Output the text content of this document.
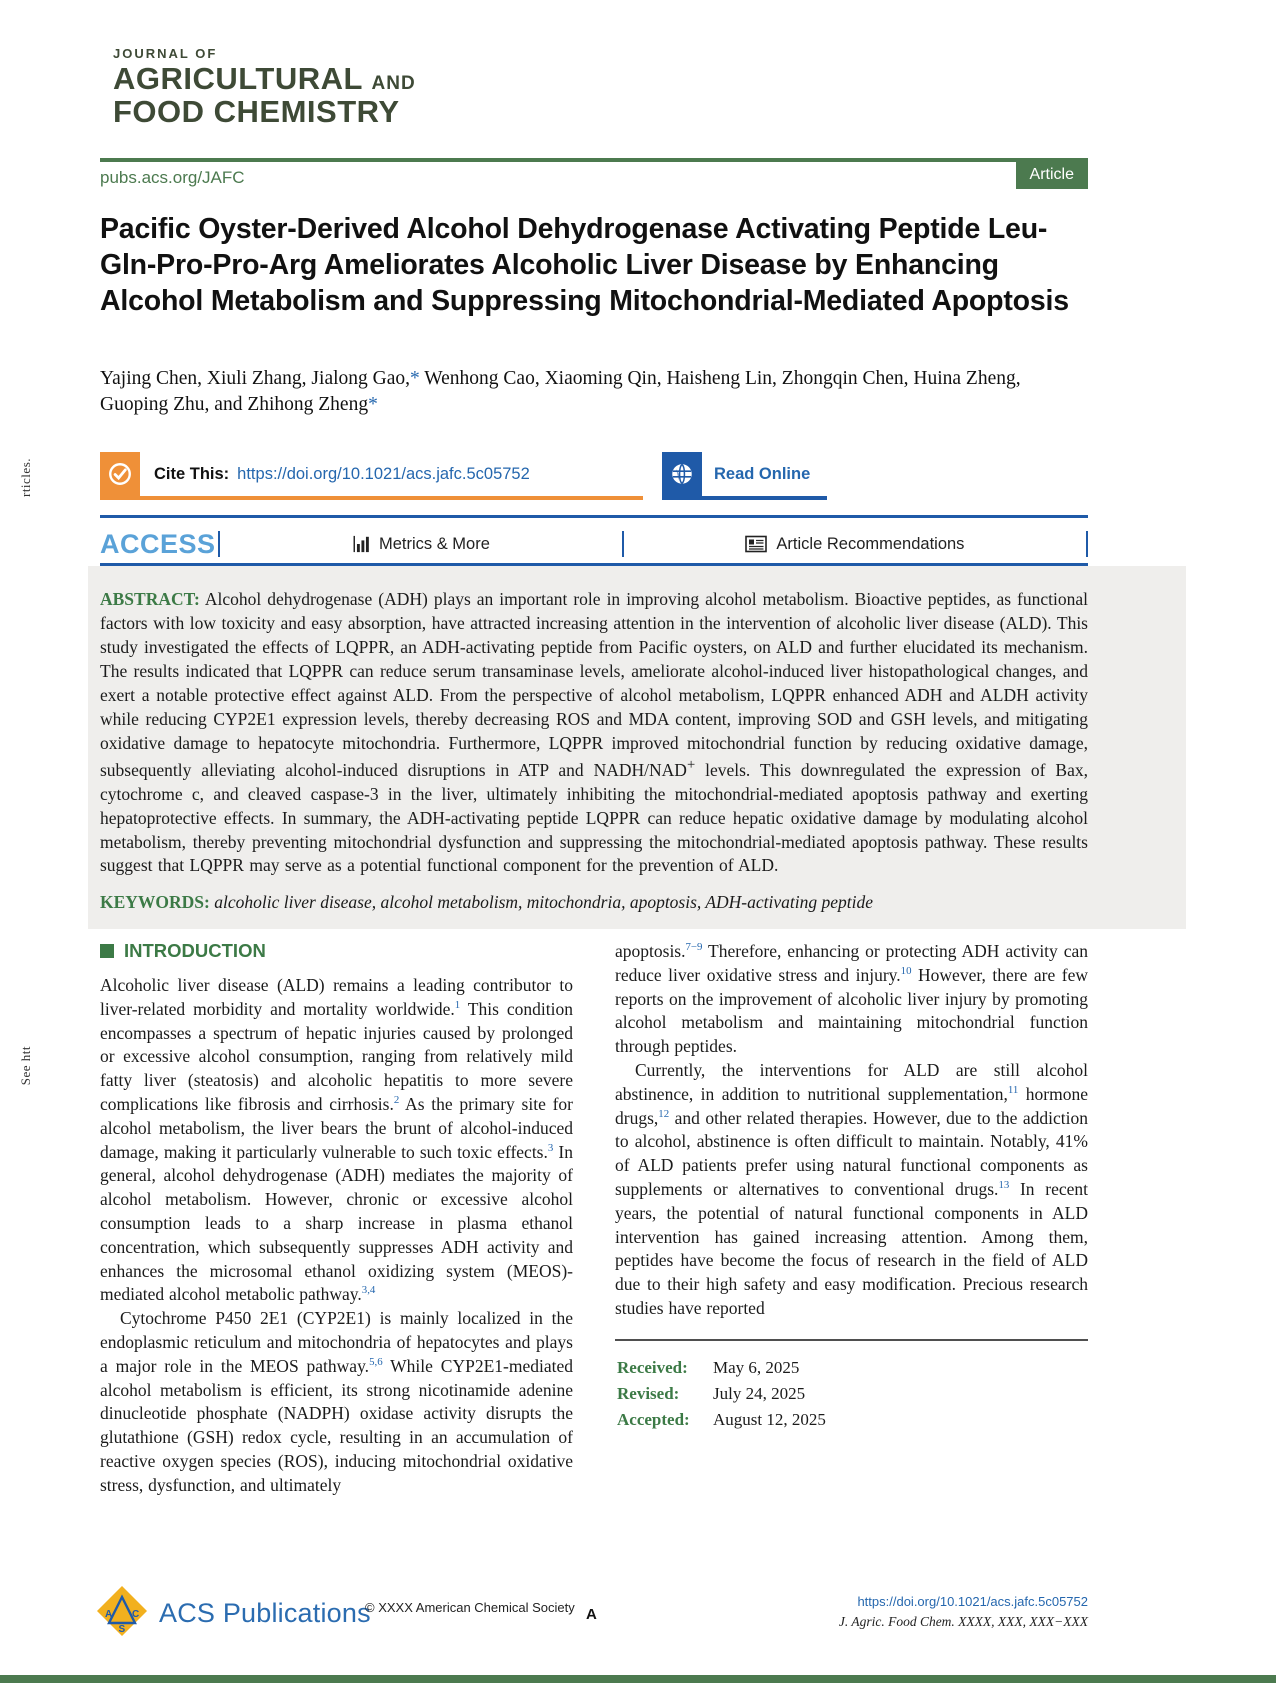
rticles.
See htt
JOURNAL OF
AGRICULTURAL AND
FOOD CHEMISTRY
pubs.acs.org/JAFC	Article
Pacific Oyster-Derived Alcohol Dehydrogenase Activating Peptide Leu-Gln-Pro-Pro-Arg Ameliorates Alcoholic Liver Disease by Enhancing Alcohol Metabolism and Suppressing Mitochondrial-Mediated Apoptosis
Yajing Chen, Xiuli Zhang, Jialong Gao,* Wenhong Cao, Xiaoming Qin, Haisheng Lin, Zhongqin Chen, Huina Zheng, Guoping Zhu, and Zhihong Zheng*
Cite This: https://doi.org/10.1021/acs.jafc.5c05752	Read Online
ACCESS	Metrics & More	Article Recommendations

ABSTRACT: Alcohol dehydrogenase (ADH) plays an important role in improving alcohol metabolism. Bioactive peptides, as functional factors with low toxicity and easy absorption, have attracted increasing attention in the intervention of alcoholic liver disease (ALD). This study investigated the effects of LQPPR, an ADH-activating peptide from Pacific oysters, on ALD and further elucidated its mechanism. The results indicated that LQPPR can reduce serum transaminase levels, ameliorate alcohol-induced liver histopathological changes, and exert a notable protective effect against ALD. From the perspective of alcohol metabolism, LQPPR enhanced ADH and ALDH activity while reducing CYP2E1 expression levels, thereby decreasing ROS and MDA content, improving SOD and GSH levels, and mitigating oxidative damage to hepatocyte mitochondria. Furthermore, LQPPR improved mitochondrial function by reducing oxidative damage, subsequently alleviating alcohol-induced disruptions in ATP and NADH/NAD+ levels. This downregulated the expression of Bax, cytochrome c, and cleaved caspase-3 in the liver, ultimately inhibiting the mitochondrial-mediated apoptosis pathway and exerting hepatoprotective effects. In summary, the ADH-activating peptide LQPPR can reduce hepatic oxidative damage by modulating alcohol metabolism, thereby preventing mitochondrial dysfunction and suppressing the mitochondrial-mediated apoptosis pathway. These results suggest that LQPPR may serve as a potential functional component for the prevention of ALD.

KEYWORDS: alcoholic liver disease, alcohol metabolism, mitochondria, apoptosis, ADH-activating peptide

INTRODUCTION

Alcoholic liver disease (ALD) remains a leading contributor to liver-related morbidity and mortality worldwide.$^1$ This condition encompasses a spectrum of hepatic injuries caused by prolonged or excessive alcohol consumption, ranging from relatively mild fatty liver (steatosis) and alcoholic hepatitis to more severe complications like fibrosis and cirrhosis.$^2$ As the primary site for alcohol metabolism, the liver bears the brunt of alcohol-induced damage, making it particularly vulnerable to such toxic effects.$^3$ In general, alcohol dehydrogenase (ADH) mediates the majority of alcohol metabolism. However, chronic or excessive alcohol consumption leads to a sharp increase in plasma ethanol concentration, which subsequently suppresses ADH activity and enhances the microsomal ethanol oxidizing system (MEOS)-mediated alcohol metabolic pathway.$^{3,4}$

Cytochrome P450 2E1 (CYP2E1) is mainly localized in the endoplasmic reticulum and mitochondria of hepatocytes and plays a major role in the MEOS pathway.$^{5,6}$ While CYP2E1-mediated alcohol metabolism is efficient, its strong nicotinamide adenine dinucleotide phosphate (NADPH) oxidase activity disrupts the glutathione (GSH) redox cycle, resulting in an accumulation of reactive oxygen species (ROS), inducing mitochondrial oxidative stress, dysfunction, and ultimately

apoptosis.$^{7-9}$ Therefore, enhancing or protecting ADH activity can reduce liver oxidative stress and injury.$^{10}$ However, there are few reports on the improvement of alcoholic liver injury by promoting alcohol metabolism and maintaining mitochondrial function through peptides.

Currently, the interventions for ALD are still alcohol abstinence, in addition to nutritional supplementation,$^{11}$ hormone drugs,$^{12}$ and other related therapies. However, due to the addiction to alcohol, abstinence is often difficult to maintain. Notably, 41% of ALD patients prefer using natural functional components as supplements or alternatives to conventional drugs.$^{13}$ In recent years, the potential of natural functional components in ALD intervention has gained increasing attention. Among them, peptides have become the focus of research in the field of ALD due to their high safety and easy modification. Precious research studies have reported

Received:	May 6, 2025
Revised:	July 24, 2025
Accepted:	August 12, 2025
A C
S
ACS Publications
© XXXX American Chemical Society A
https://doi.org/10.1021/acs.jafc.5c05752
J. Agric. Food Chem. XXXX, XXX, XXX−XXX
